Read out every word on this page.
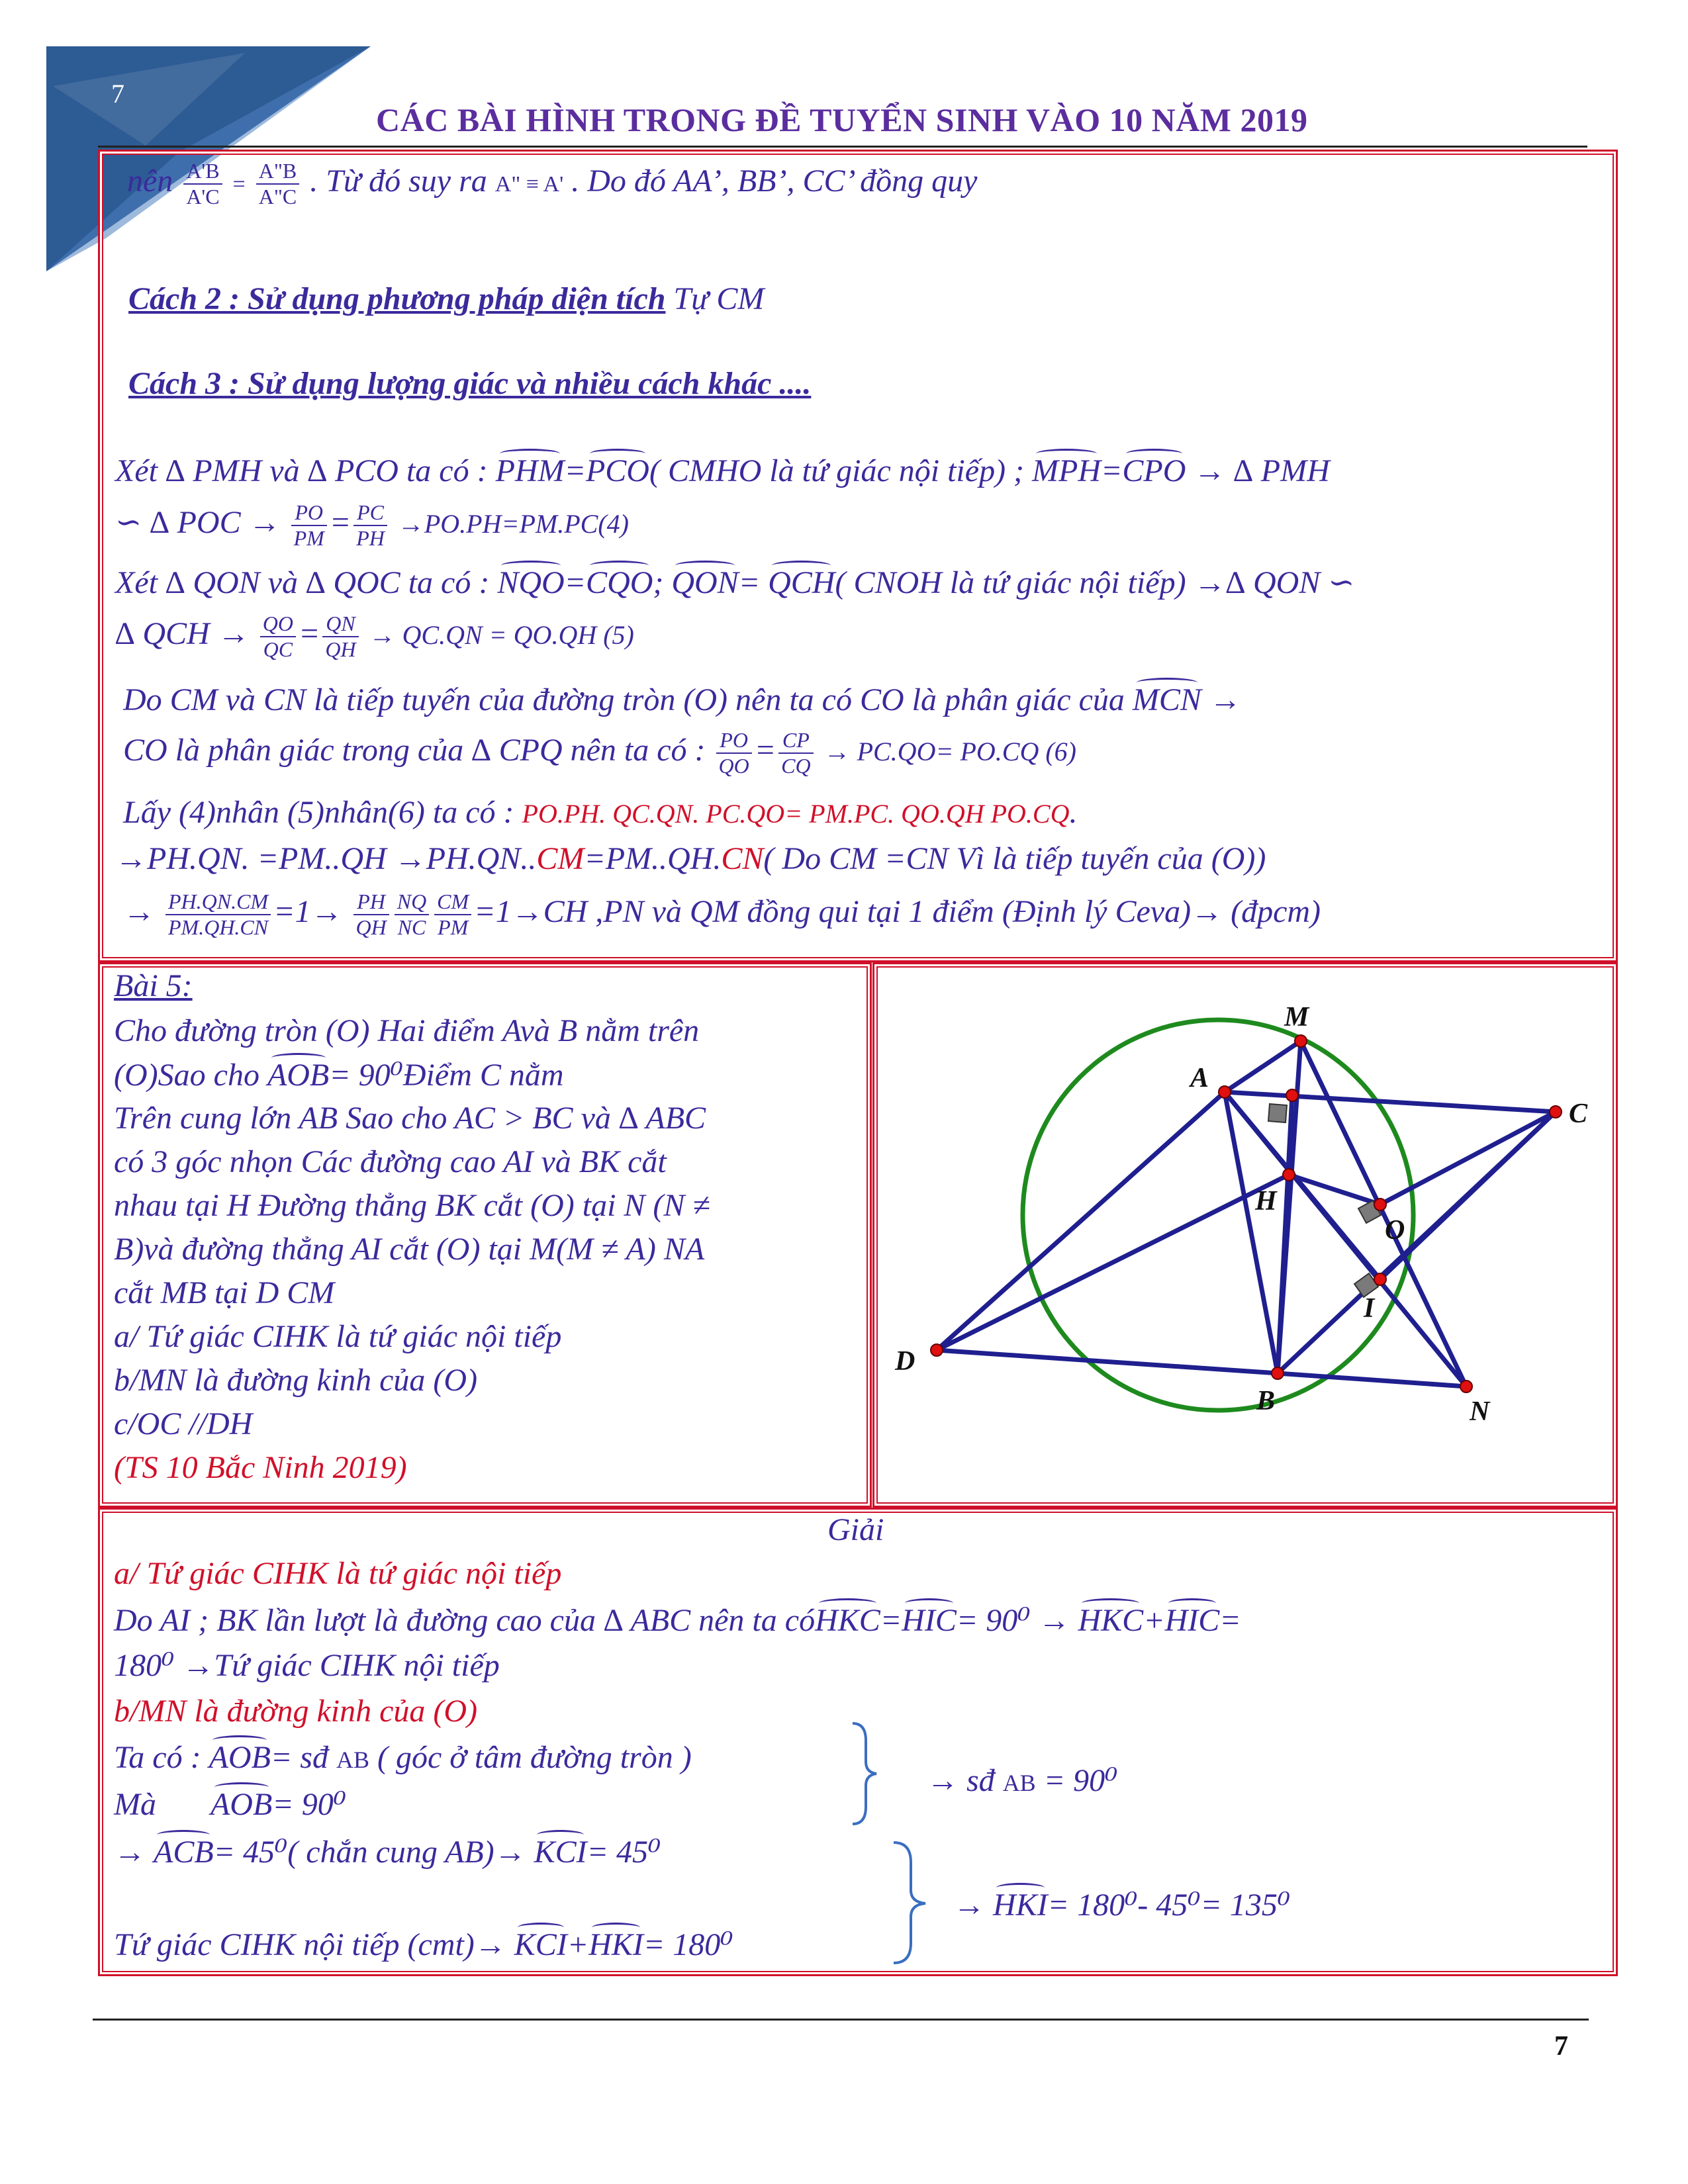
7
CÁC BÀI HÌNH TRONG ĐỀ TUYỂN SINH VÀO 10 NĂM 2019
nên $\frac{A'B}{A'C} = \frac{A"B}{A"C}$ . Từ đó suy ra A" ≡ A' . Do đó AA’, BB’, CC’ đồng quy
Cách 2 : Sử dụng phương pháp diện tích Tự CM
Cách 3 : Sử dụng lượng giác và nhiều cách khác ....
Xét ∆ PMH và ∆ PCO ta có : PHM=PCO( CMHO là tứ giác nội tiếp) ; MPH=CPO → ∆ PMH
∽ ∆ POC → $\frac{PO}{PM} = \frac{PC}{PH} \to PO.PH=PM.PC(4)$
Xét ∆ QON và ∆ QOC ta có : NQO=CQO; QON= QCH( CNOH là tứ giác nội tiếp) →∆ QON ∽
∆ QCH → $\frac{QO}{QC} = \frac{QN}{QH} \to QC.QN = QO.QH$ (5)
Do CM và CN là tiếp tuyến của đường tròn (O) nên ta có CO là phân giác của MCN →
CO là phân giác trong của ∆ CPQ nên ta có : $\frac{PO}{QO} = \frac{CP}{CQ} \to PC.QO= PO.CQ$ (6)
Lấy (4)nhân (5)nhân(6) ta có : PO.PH. QC.QN. PC.QO= PM.PC. QO.QH PO.CQ.
→PH.QN. =PM..QH →PH.QN..CM=PM..QH.CN( Do CM =CN Vì là tiếp tuyến của (O))
→ $\frac{PH.QN.CM}{PM.QH.CN} =1\to \frac{PH}{QH} \frac{NQ}{NC} \frac{CM}{PM} =1\to CH$ ,PN và QM đồng qui tại 1 điểm (Định lý Ceva)→ (đpcm)
Bài 5:
Cho đường tròn (O) Hai điểm Avà B nằm trên
(O)Sao cho AOB= 90⁰Điểm C nằm
Trên cung lớn AB Sao cho AC > BC và ∆ ABC
có 3 góc nhọn Các đường cao AI và BK cắt
nhau tại H Đường thẳng BK cắt (O) tại N (N ≠
B)và đường thẳng AI cắt (O) tại M(M ≠ A) NA
cắt MB tại D CM
a/ Tứ giác CIHK là tứ giác nội tiếp
b/MN là đường kinh của (O)
c/OC //DH
(TS 10 Bắc Ninh 2019)
M
A
C
H
O
I
D
B	N
Giải
a/ Tứ giác CIHK là tứ giác nội tiếp
Do AI ; BK lần lượt là đường cao của ∆ ABC nên ta cóHKC=HIC= 90⁰ → HKC+HIC=
180⁰ →Tứ giác CIHK nội tiếp
b/MN là đường kinh của (O)
Ta có : AOB= sđ AB ( góc ở tâm đường tròn )
Mà AOB= 90⁰
→ sđ AB = 90⁰
→ ACB= 45⁰( chắn cung AB)→ KCI= 45⁰
Tứ giác CIHK nội tiếp (cmt)→ KCI+HKI= 180⁰
→ HKI= 180⁰- 45⁰= 135⁰
7
